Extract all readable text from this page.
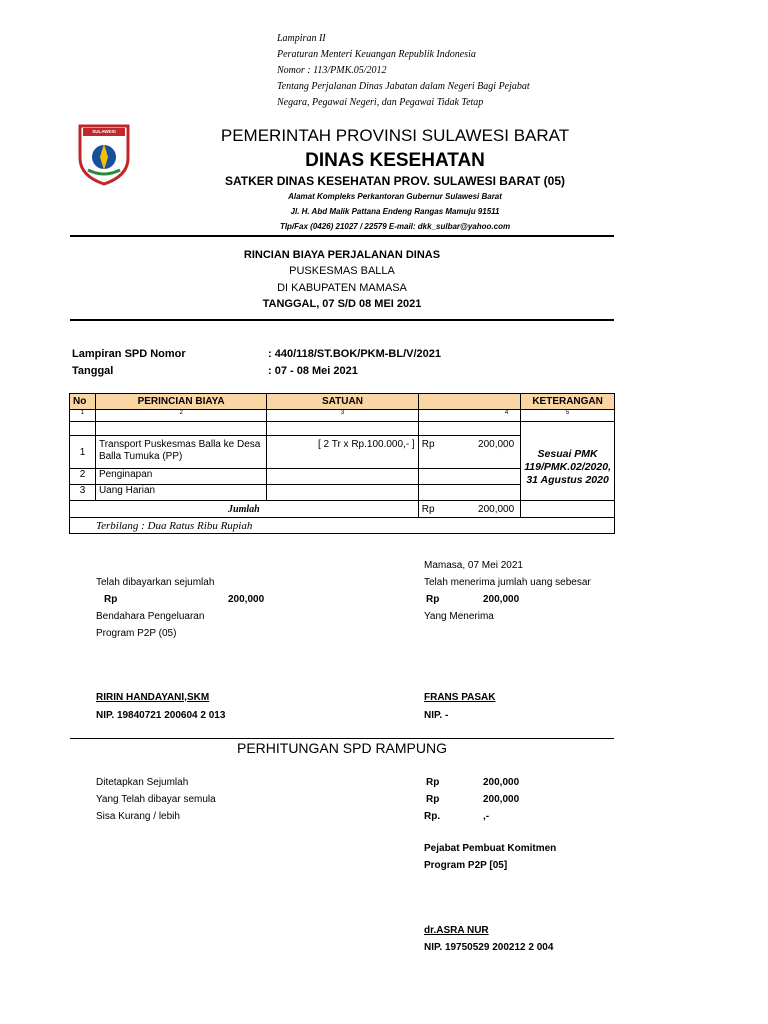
Lampiran II
Peraturan Menteri Keuangan Republik Indonesia
Nomor : 113/PMK.05/2012
Tentang Perjalanan Dinas Jabatan dalam Negeri Bagi Pejabat
Negara, Pegawai Negeri, dan Pegawai Tidak Tetap
SULAWESI BARAT	PEMERINTAH PROVINSI SULAWESI BARAT
DINAS KESEHATAN
SATKER DINAS KESEHATAN PROV. SULAWESI BARAT (05)
Alamat Kompleks Perkantoran Gubernur Sulawesi Barat
Jl. H. Abd Malik Pattana Endeng Rangas Mamuju 91511
Tlp/Fax (0426) 21027 / 22579 E-mail: dkk_sulbar@yahoo.com
RINCIAN BIAYA PERJALANAN DINAS
PUSKESMAS BALLA
DI KABUPATEN MAMASA
TANGGAL, 07 S/D 08 MEI 2021
Lampiran SPD Nomor	: 440/118/ST.BOK/PKM-BL/V/2021
Tanggal	: 07 - 08 Mei 2021
No	PERINCIAN BIAYA	SATUAN		KETERANGAN
1	2	3	4	5

1	Transport Puskesmas Balla ke Desa Balla Tumuka (PP)	[ 2 Tr x Rp.100.000,- ]	Rp 200,000	Sesuai PMK 119/PMK.02/2020, 31 Agustus 2020
2	Penginapan			
3	Uang Harian			
Jumlah			Rp 200,000	

Terbilang : Dua Ratus Ribu Rupiah				
Mamasa, 07 Mei 2021
Telah dibayarkan sejumlah	Telah menerima jumlah uang sebesar
Rp	200,000	Rp	200,000
Bendahara Pengeluaran	Yang Menerima
Program P2P (05)
RIRIN HANDAYANI,SKM
NIP. 19840721 200604 2 013
FRANS PASAK
NIP. -
PERHITUNGAN SPD RAMPUNG
Ditetapkan Sejumlah	Rp	200,000
Yang Telah dibayar semula	Rp	200,000
Sisa Kurang / lebih	Rp.	,-
Pejabat Pembuat Komitmen
Program P2P [05]
dr.ASRA NUR
NIP. 19750529 200212 2 004
